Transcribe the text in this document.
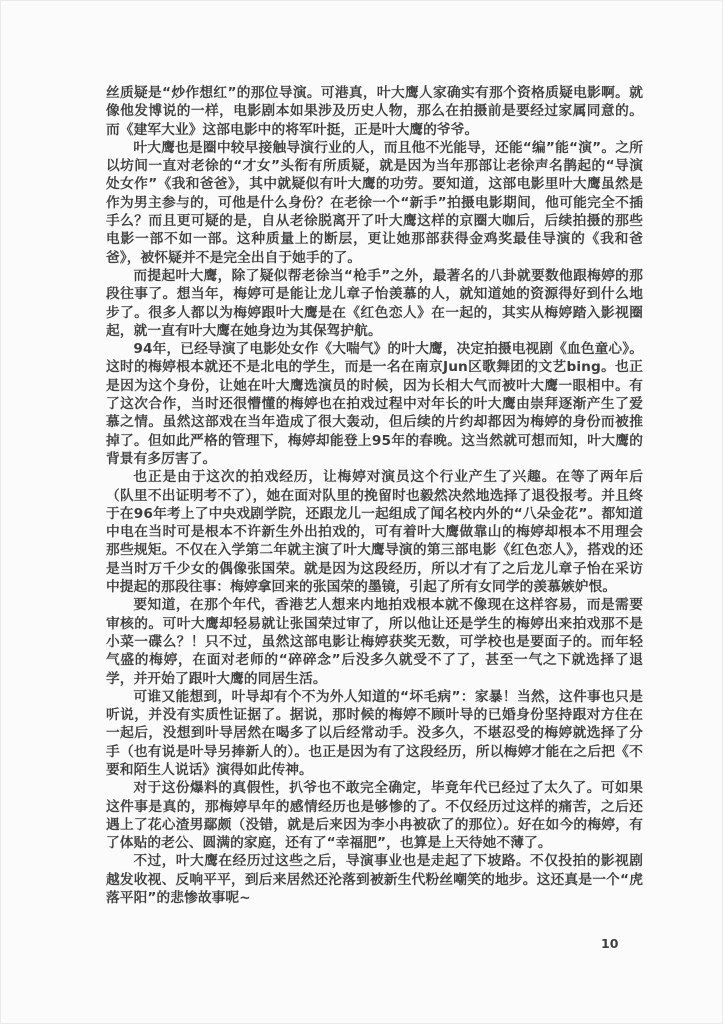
丝质疑是“炒作想红”的那位导演。可港真，叶大鹰人家确实有那个资格质疑电影啊。就像他发博说的一样，电影剧本如果涉及历史人物，那么在拍摄前是要经过家属同意的。而《建军大业》这部电影中的将军叶挺，正是叶大鹰的爷爷。

叶大鹰也是圈中较早接触导演行业的人，而且他不光能导，还能“编”能“演”。之所以坊间一直对老徐的“才女”头衔有所质疑，就是因为当年那部让老徐声名鹊起的“导演处女作”《我和爸爸》，其中就疑似有叶大鹰的功劳。要知道，这部电影里叶大鹰虽然是作为男主参与的，可他是什么身份？在老徐一个“新手”拍摄电影期间，他可能完全不插手么？而且更可疑的是，自从老徐脱离开了叶大鹰这样的京圈大咖后，后续拍摄的那些电影一部不如一部。这种质量上的断层，更让她那部获得金鸡奖最佳导演的《我和爸爸》，被怀疑并不是完全出自于她手的了。

而提起叶大鹰，除了疑似帮老徐当“枪手”之外，最著名的八卦就要数他跟梅婷的那段往事了。想当年，梅婷可是能让龙儿章子怡羡慕的人，就知道她的资源得好到什么地步了。很多人都以为梅婷跟叶大鹰是在《红色恋人》在一起的，其实从梅婷踏入影视圈起，就一直有叶大鹰在她身边为其保驾护航。

94年，已经导演了电影处女作《大喘气》的叶大鹰，决定拍摄电视剧《血色童心》。这时的梅婷根本就还不是北电的学生，而是一名在南京Jun区歌舞团的文艺bing。也正是因为这个身份，让她在叶大鹰选演员的时候，因为长相大气而被叶大鹰一眼相中。有了这次合作，当时还很懵懂的梅婷也在拍戏过程中对年长的叶大鹰由崇拜逐渐产生了爱慕之情。虽然这部戏在当年造成了很大轰动，但后续的片约却都因为梅婷的身份而被推掉了。但如此严格的管理下，梅婷却能登上95年的春晚。这当然就可想而知，叶大鹰的背景有多厉害了。

也正是由于这次的拍戏经历，让梅婷对演员这个行业产生了兴趣。在等了两年后（队里不出证明考不了），她在面对队里的挽留时也毅然决然地选择了退役报考。并且终于在96年考上了中央戏剧学院，还跟龙儿一起组成了闻名校内外的“八朵金花”。都知道中电在当时可是根本不许新生外出拍戏的，可有着叶大鹰做靠山的梅婷却根本不用理会那些规矩。不仅在入学第二年就主演了叶大鹰导演的第三部电影《红色恋人》，搭戏的还是当时万千少女的偶像张国荣。就是因为这段经历，所以才有了之后龙儿章子怡在采访中提起的那段往事：梅婷拿回来的张国荣的墨镜，引起了所有女同学的羡慕嫉妒恨。

要知道，在那个年代，香港艺人想来内地拍戏根本就不像现在这样容易，而是需要审核的。可叶大鹰却轻易就让张国荣过审了，所以他让还是学生的梅婷出来拍戏那不是小菜一碟么？！只不过，虽然这部电影让梅婷获奖无数，可学校也是要面子的。而年轻气盛的梅婷，在面对老师的“碎碎念”后没多久就受不了了，甚至一气之下就选择了退学，并开始了跟叶大鹰的同居生活。

可谁又能想到，叶导却有个不为外人知道的“坏毛病”：家暴！当然，这件事也只是听说，并没有实质性证据了。据说，那时候的梅婷不顾叶导的已婚身份坚持跟对方住在一起后，没想到叶导居然在喝多了以后经常动手。没多久，不堪忍受的梅婷就选择了分手（也有说是叶导另捧新人的）。也正是因为有了这段经历，所以梅婷才能在之后把《不要和陌生人说话》演得如此传神。

对于这份爆料的真假性，扒爷也不敢完全确定，毕竟年代已经过了太久了。可如果这件事是真的，那梅婷早年的感情经历也是够惨的了。不仅经历过这样的痛苦，之后还遇上了花心渣男鄢颇（没错，就是后来因为李小冉被砍了的那位）。好在如今的梅婷，有了体贴的老公、圆满的家庭，还有了“幸福肥”，也算是上天待她不薄了。

不过，叶大鹰在经历过这些之后，导演事业也是走起了下坡路。不仅投拍的影视剧越发收视、反响平平，到后来居然还沦落到被新生代粉丝嘲笑的地步。这还真是一个“虎落平阳”的悲惨故事呢~

10
